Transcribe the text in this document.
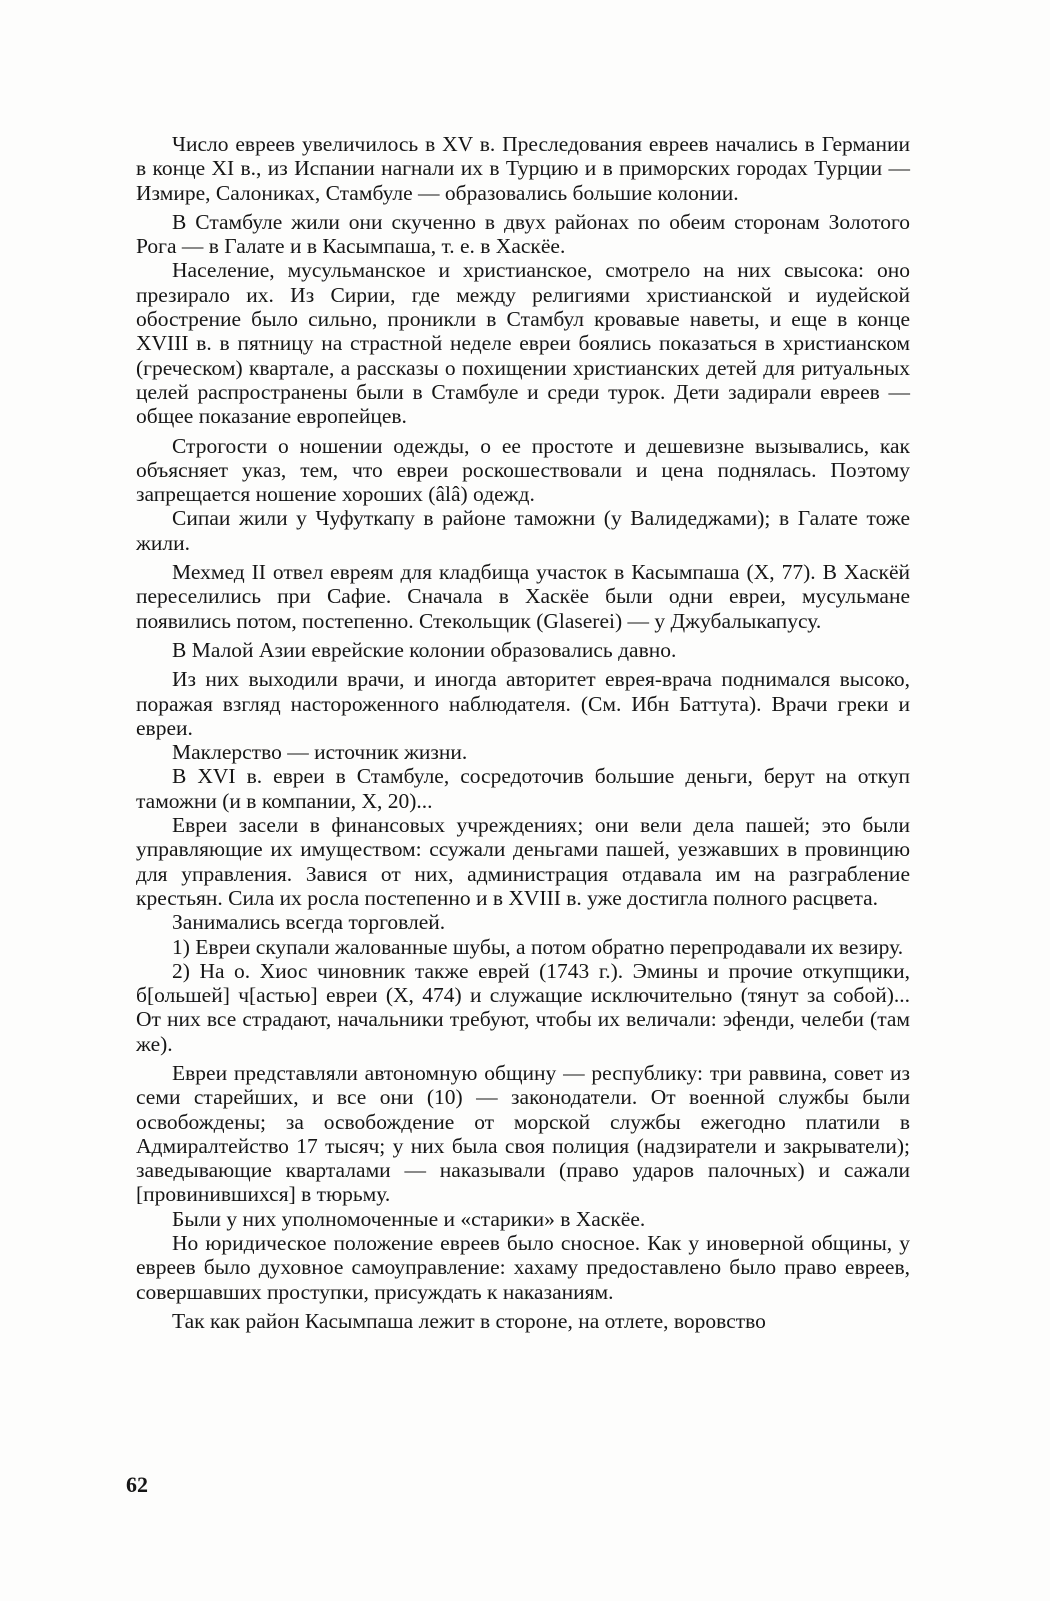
Число евреев увеличилось в XV в. Преследования евреев начались в Германии в конце XI в., из Испании нагнали их в Турцию и в приморских городах Турции — Измире, Салониках, Стамбуле — образовались большие колонии.

В Стамбуле жили они скученно в двух районах по обеим сторонам Золотого Рога — в Галате и в Касымпаша, т. е. в Хаскёе.

Население, мусульманское и христианское, смотрело на них свысока: оно презирало их. Из Сирии, где между религиями христианской и иудейской обострение было сильно, проникли в Стамбул кровавые наветы, и еще в конце XVIII в. в пятницу на страстной неделе евреи боялись показаться в христианском (греческом) квартале, а рассказы о похищении христианских детей для ритуальных целей распространены были в Стамбуле и среди турок. Дети задирали евреев — общее показание европейцев.

Строгости о ношении одежды, о ее простоте и дешевизне вызывались, как объясняет указ, тем, что евреи роскошествовали и цена поднялась. Поэтому запрещается ношение хороших (âlâ) одежд.

Сипаи жили у Чуфуткапу в районе таможни (у Валидеджами); в Галате тоже жили.

Мехмед II отвел евреям для кладбища участок в Касымпаша (X, 77). В Хаскёй переселились при Сафие. Сначала в Хаскёе были одни евреи, мусульмане появились потом, постепенно. Стекольщик (Glaserei) — у Джубалыкапусу.

В Малой Азии еврейские колонии образовались давно.

Из них выходили врачи, и иногда авторитет еврея-врача поднимался высоко, поражая взгляд настороженного наблюдателя. (См. Ибн Баттута). Врачи греки и евреи.

Маклерство — источник жизни.

В XVI в. евреи в Стамбуле, сосредоточив большие деньги, берут на откуп таможни (и в компании, X, 20)...

Евреи засели в финансовых учреждениях; они вели дела пашей; это были управляющие их имуществом: ссужали деньгами пашей, уезжавших в провинцию для управления. Завися от них, администрация отдавала им на разграбление крестьян. Сила их росла постепенно и в XVIII в. уже достигла полного расцвета.

Занимались всегда торговлей.

1) Евреи скупали жалованные шубы, а потом обратно перепродавали их везиру.

2) На о. Хиос чиновник также еврей (1743 г.). Эмины и прочие откупщики, б[ольшей] ч[астью] евреи (X, 474) и служащие исключительно (тянут за собой)... От них все страдают, начальники требуют, чтобы их величали: эфенди, челеби (там же).

Евреи представляли автономную общину — республику: три раввина, совет из семи старейших, и все они (10) — законодатели. От военной службы были освобождены; за освобождение от морской службы ежегодно платили в Адмиралтейство 17 тысяч; у них была своя полиция (надзиратели и закрыватели); заведывающие кварталами — наказывали (право ударов палочных) и сажали [провинившихся] в тюрьму.

Были у них уполномоченные и «старики» в Хаскёе.

Но юридическое положение евреев было сносное. Как у иноверной общины, у евреев было духовное самоуправление: хахаму предоставлено было право евреев, совершавших проступки, присуждать к наказаниям.

Так как район Касымпаша лежит в стороне, на отлете, воровство

62
